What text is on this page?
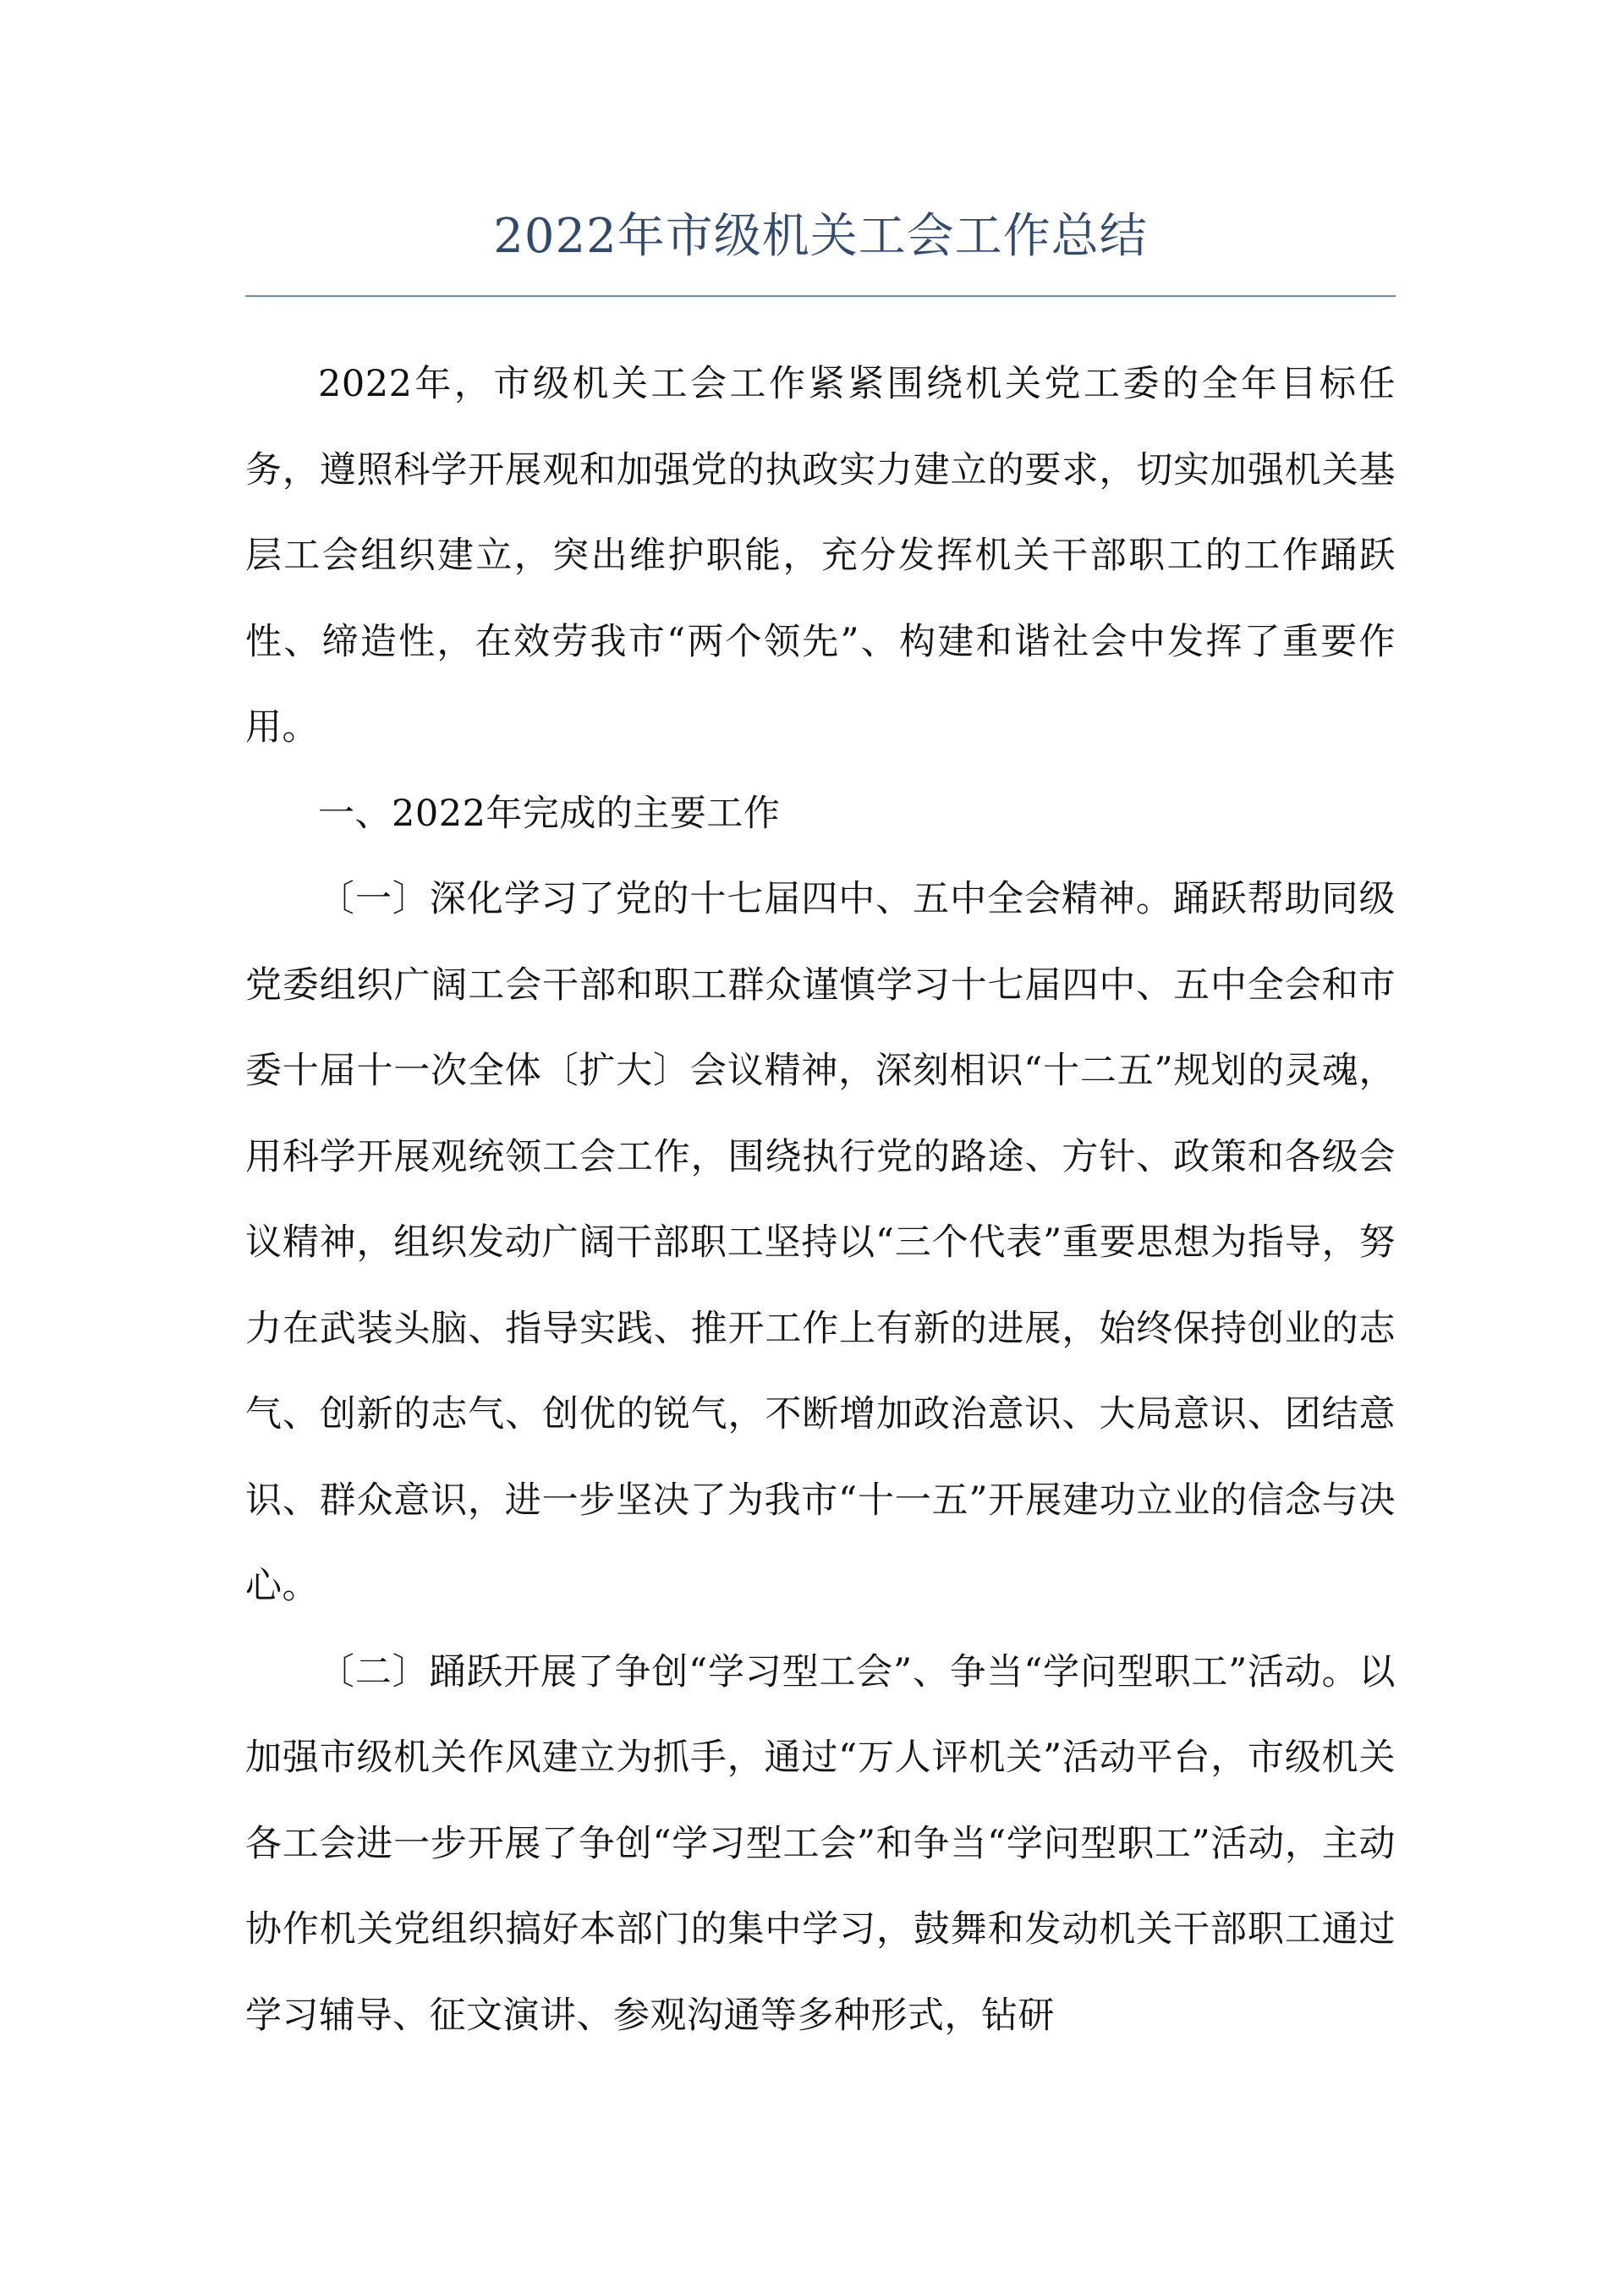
2022年市级机关工会工作总结

2022年，市级机关工会工作紧紧围绕机关党工委的全年目标任务，遵照科学开展观和加强党的执政实力建立的要求，切实加强机关基层工会组织建立，突出维护职能，充分发挥机关干部职工的工作踊跃性、缔造性，在效劳我市“两个领先”、构建和谐社会中发挥了重要作用。

一、2022年完成的主要工作

〔一〕深化学习了党的十七届四中、五中全会精神。踊跃帮助同级党委组织广阔工会干部和职工群众谨慎学习十七届四中、五中全会和市委十届十一次全体〔扩大〕会议精神，深刻相识“十二五”规划的灵魂，用科学开展观统领工会工作，围绕执行党的路途、方针、政策和各级会议精神，组织发动广阔干部职工坚持以“三个代表”重要思想为指导，努力在武装头脑、指导实践、推开工作上有新的进展，始终保持创业的志气、创新的志气、创优的锐气，不断增加政治意识、大局意识、团结意识、群众意识，进一步坚决了为我市“十一五”开展建功立业的信念与决心。

〔二〕踊跃开展了争创“学习型工会”、争当“学问型职工”活动。以加强市级机关作风建立为抓手，通过“万人评机关”活动平台，市级机关各工会进一步开展了争创“学习型工会”和争当“学问型职工”活动，主动协作机关党组织搞好本部门的集中学习，鼓舞和发动机关干部职工通过学习辅导、征文演讲、参观沟通等多种形式，钻研
